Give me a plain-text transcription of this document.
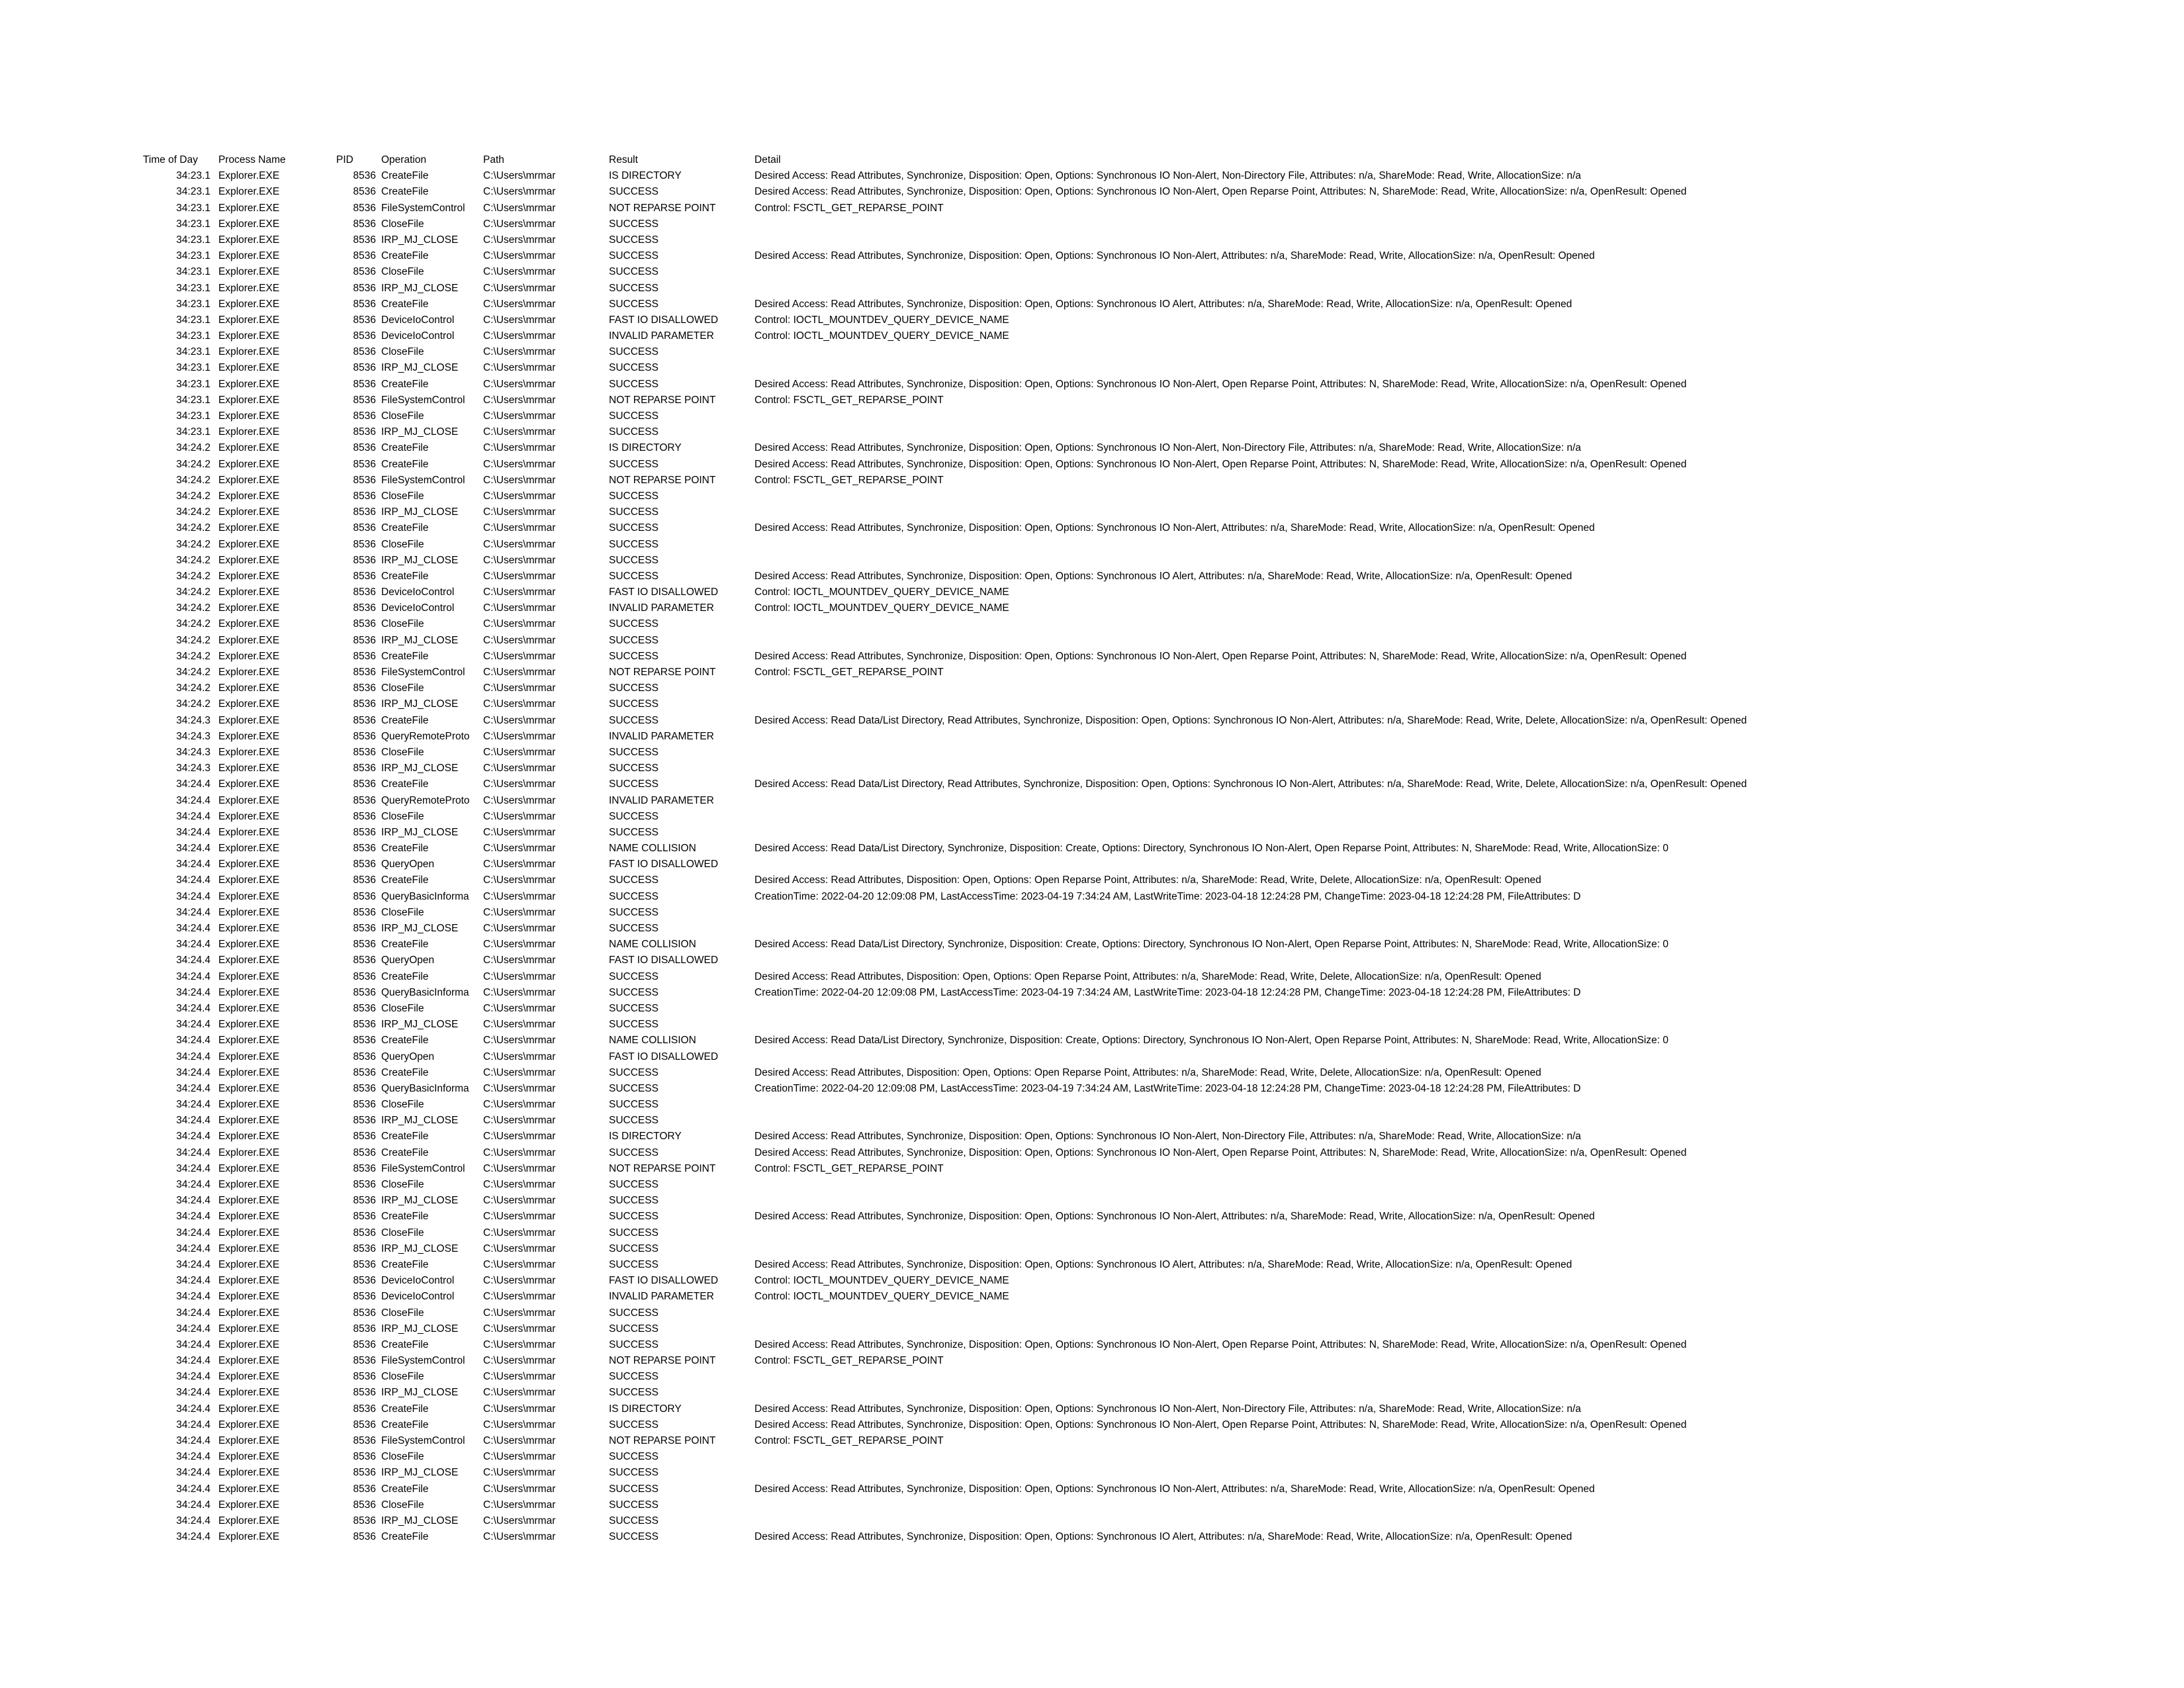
Time of Day	Process Name	PID	Operation	Path	Result	Detail
34:23.1 Explorer.EXE	8536 CreateFile	C:\Users\mrmar	IS DIRECTORY	Desired Access: Read Attributes, Synchronize, Disposition: Open, Options: Synchronous IO Non-Alert, Non-Directory File, Attributes: n/a, ShareMode: Read, Write, AllocationSize: n/a
34:23.1 Explorer.EXE	8536 CreateFile	C:\Users\mrmar	SUCCESS	Desired Access: Read Attributes, Synchronize, Disposition: Open, Options: Synchronous IO Non-Alert, Open Reparse Point, Attributes: N, ShareMode: Read, Write, AllocationSize: n/a, OpenResult: Opened
34:23.1 Explorer.EXE	8536 FileSystemControl	C:\Users\mrmar	NOT REPARSE POINT	Control: FSCTL_GET_REPARSE_POINT
34:23.1 Explorer.EXE	8536 CloseFile	C:\Users\mrmar	SUCCESS
34:23.1 Explorer.EXE	8536 IRP_MJ_CLOSE	C:\Users\mrmar	SUCCESS
34:23.1 Explorer.EXE	8536 CreateFile	C:\Users\mrmar	SUCCESS	Desired Access: Read Attributes, Synchronize, Disposition: Open, Options: Synchronous IO Non-Alert, Attributes: n/a, ShareMode: Read, Write, AllocationSize: n/a, OpenResult: Opened
34:23.1 Explorer.EXE	8536 CloseFile	C:\Users\mrmar	SUCCESS
34:23.1 Explorer.EXE	8536 IRP_MJ_CLOSE	C:\Users\mrmar	SUCCESS
34:23.1 Explorer.EXE	8536 CreateFile	C:\Users\mrmar	SUCCESS	Desired Access: Read Attributes, Synchronize, Disposition: Open, Options: Synchronous IO Alert, Attributes: n/a, ShareMode: Read, Write, AllocationSize: n/a, OpenResult: Opened
34:23.1 Explorer.EXE	8536 DeviceIoControl	C:\Users\mrmar	FAST IO DISALLOWED	Control: IOCTL_MOUNTDEV_QUERY_DEVICE_NAME
34:23.1 Explorer.EXE	8536 DeviceIoControl	C:\Users\mrmar	INVALID PARAMETER	Control: IOCTL_MOUNTDEV_QUERY_DEVICE_NAME
34:23.1 Explorer.EXE	8536 CloseFile	C:\Users\mrmar	SUCCESS
34:23.1 Explorer.EXE	8536 IRP_MJ_CLOSE	C:\Users\mrmar	SUCCESS
34:23.1 Explorer.EXE	8536 CreateFile	C:\Users\mrmar	SUCCESS	Desired Access: Read Attributes, Synchronize, Disposition: Open, Options: Synchronous IO Non-Alert, Open Reparse Point, Attributes: N, ShareMode: Read, Write, AllocationSize: n/a, OpenResult: Opened
34:23.1 Explorer.EXE	8536 FileSystemControl	C:\Users\mrmar	NOT REPARSE POINT	Control: FSCTL_GET_REPARSE_POINT
34:23.1 Explorer.EXE	8536 CloseFile	C:\Users\mrmar	SUCCESS
34:23.1 Explorer.EXE	8536 IRP_MJ_CLOSE	C:\Users\mrmar	SUCCESS
34:24.2 Explorer.EXE	8536 CreateFile	C:\Users\mrmar	IS DIRECTORY	Desired Access: Read Attributes, Synchronize, Disposition: Open, Options: Synchronous IO Non-Alert, Non-Directory File, Attributes: n/a, ShareMode: Read, Write, AllocationSize: n/a
34:24.2 Explorer.EXE	8536 CreateFile	C:\Users\mrmar	SUCCESS	Desired Access: Read Attributes, Synchronize, Disposition: Open, Options: Synchronous IO Non-Alert, Open Reparse Point, Attributes: N, ShareMode: Read, Write, AllocationSize: n/a, OpenResult: Opened
34:24.2 Explorer.EXE	8536 FileSystemControl	C:\Users\mrmar	NOT REPARSE POINT	Control: FSCTL_GET_REPARSE_POINT
34:24.2 Explorer.EXE	8536 CloseFile	C:\Users\mrmar	SUCCESS
34:24.2 Explorer.EXE	8536 IRP_MJ_CLOSE	C:\Users\mrmar	SUCCESS
34:24.2 Explorer.EXE	8536 CreateFile	C:\Users\mrmar	SUCCESS	Desired Access: Read Attributes, Synchronize, Disposition: Open, Options: Synchronous IO Non-Alert, Attributes: n/a, ShareMode: Read, Write, AllocationSize: n/a, OpenResult: Opened
34:24.2 Explorer.EXE	8536 CloseFile	C:\Users\mrmar	SUCCESS
34:24.2 Explorer.EXE	8536 IRP_MJ_CLOSE	C:\Users\mrmar	SUCCESS
34:24.2 Explorer.EXE	8536 CreateFile	C:\Users\mrmar	SUCCESS	Desired Access: Read Attributes, Synchronize, Disposition: Open, Options: Synchronous IO Alert, Attributes: n/a, ShareMode: Read, Write, AllocationSize: n/a, OpenResult: Opened
34:24.2 Explorer.EXE	8536 DeviceIoControl	C:\Users\mrmar	FAST IO DISALLOWED	Control: IOCTL_MOUNTDEV_QUERY_DEVICE_NAME
34:24.2 Explorer.EXE	8536 DeviceIoControl	C:\Users\mrmar	INVALID PARAMETER	Control: IOCTL_MOUNTDEV_QUERY_DEVICE_NAME
34:24.2 Explorer.EXE	8536 CloseFile	C:\Users\mrmar	SUCCESS
34:24.2 Explorer.EXE	8536 IRP_MJ_CLOSE	C:\Users\mrmar	SUCCESS
34:24.2 Explorer.EXE	8536 CreateFile	C:\Users\mrmar	SUCCESS	Desired Access: Read Attributes, Synchronize, Disposition: Open, Options: Synchronous IO Non-Alert, Open Reparse Point, Attributes: N, ShareMode: Read, Write, AllocationSize: n/a, OpenResult: Opened
34:24.2 Explorer.EXE	8536 FileSystemControl	C:\Users\mrmar	NOT REPARSE POINT	Control: FSCTL_GET_REPARSE_POINT
34:24.2 Explorer.EXE	8536 CloseFile	C:\Users\mrmar	SUCCESS
34:24.2 Explorer.EXE	8536 IRP_MJ_CLOSE	C:\Users\mrmar	SUCCESS
34:24.3 Explorer.EXE	8536 CreateFile	C:\Users\mrmar	SUCCESS	Desired Access: Read Data/List Directory, Read Attributes, Synchronize, Disposition: Open, Options: Synchronous IO Non-Alert, Attributes: n/a, ShareMode: Read, Write, Delete, AllocationSize: n/a, OpenResult: Opened
34:24.3 Explorer.EXE	8536 QueryRemoteProto	C:\Users\mrmar	INVALID PARAMETER
34:24.3 Explorer.EXE	8536 CloseFile	C:\Users\mrmar	SUCCESS
34:24.3 Explorer.EXE	8536 IRP_MJ_CLOSE	C:\Users\mrmar	SUCCESS
34:24.4 Explorer.EXE	8536 CreateFile	C:\Users\mrmar	SUCCESS	Desired Access: Read Data/List Directory, Read Attributes, Synchronize, Disposition: Open, Options: Synchronous IO Non-Alert, Attributes: n/a, ShareMode: Read, Write, Delete, AllocationSize: n/a, OpenResult: Opened
34:24.4 Explorer.EXE	8536 QueryRemoteProto	C:\Users\mrmar	INVALID PARAMETER
34:24.4 Explorer.EXE	8536 CloseFile	C:\Users\mrmar	SUCCESS
34:24.4 Explorer.EXE	8536 IRP_MJ_CLOSE	C:\Users\mrmar	SUCCESS
34:24.4 Explorer.EXE	8536 CreateFile	C:\Users\mrmar	NAME COLLISION	Desired Access: Read Data/List Directory, Synchronize, Disposition: Create, Options: Directory, Synchronous IO Non-Alert, Open Reparse Point, Attributes: N, ShareMode: Read, Write, AllocationSize: 0
34:24.4 Explorer.EXE	8536 QueryOpen	C:\Users\mrmar	FAST IO DISALLOWED
34:24.4 Explorer.EXE	8536 CreateFile	C:\Users\mrmar	SUCCESS	Desired Access: Read Attributes, Disposition: Open, Options: Open Reparse Point, Attributes: n/a, ShareMode: Read, Write, Delete, AllocationSize: n/a, OpenResult: Opened
34:24.4 Explorer.EXE	8536 QueryBasicInforma	C:\Users\mrmar	SUCCESS	CreationTime: 2022-04-20 12:09:08 PM, LastAccessTime: 2023-04-19 7:34:24 AM, LastWriteTime: 2023-04-18 12:24:28 PM, ChangeTime: 2023-04-18 12:24:28 PM, FileAttributes: D
34:24.4 Explorer.EXE	8536 CloseFile	C:\Users\mrmar	SUCCESS
34:24.4 Explorer.EXE	8536 IRP_MJ_CLOSE	C:\Users\mrmar	SUCCESS
34:24.4 Explorer.EXE	8536 CreateFile	C:\Users\mrmar	NAME COLLISION	Desired Access: Read Data/List Directory, Synchronize, Disposition: Create, Options: Directory, Synchronous IO Non-Alert, Open Reparse Point, Attributes: N, ShareMode: Read, Write, AllocationSize: 0
34:24.4 Explorer.EXE	8536 QueryOpen	C:\Users\mrmar	FAST IO DISALLOWED
34:24.4 Explorer.EXE	8536 CreateFile	C:\Users\mrmar	SUCCESS	Desired Access: Read Attributes, Disposition: Open, Options: Open Reparse Point, Attributes: n/a, ShareMode: Read, Write, Delete, AllocationSize: n/a, OpenResult: Opened
34:24.4 Explorer.EXE	8536 QueryBasicInforma	C:\Users\mrmar	SUCCESS	CreationTime: 2022-04-20 12:09:08 PM, LastAccessTime: 2023-04-19 7:34:24 AM, LastWriteTime: 2023-04-18 12:24:28 PM, ChangeTime: 2023-04-18 12:24:28 PM, FileAttributes: D
34:24.4 Explorer.EXE	8536 CloseFile	C:\Users\mrmar	SUCCESS
34:24.4 Explorer.EXE	8536 IRP_MJ_CLOSE	C:\Users\mrmar	SUCCESS
34:24.4 Explorer.EXE	8536 CreateFile	C:\Users\mrmar	NAME COLLISION	Desired Access: Read Data/List Directory, Synchronize, Disposition: Create, Options: Directory, Synchronous IO Non-Alert, Open Reparse Point, Attributes: N, ShareMode: Read, Write, AllocationSize: 0
34:24.4 Explorer.EXE	8536 QueryOpen	C:\Users\mrmar	FAST IO DISALLOWED
34:24.4 Explorer.EXE	8536 CreateFile	C:\Users\mrmar	SUCCESS	Desired Access: Read Attributes, Disposition: Open, Options: Open Reparse Point, Attributes: n/a, ShareMode: Read, Write, Delete, AllocationSize: n/a, OpenResult: Opened
34:24.4 Explorer.EXE	8536 QueryBasicInforma	C:\Users\mrmar	SUCCESS	CreationTime: 2022-04-20 12:09:08 PM, LastAccessTime: 2023-04-19 7:34:24 AM, LastWriteTime: 2023-04-18 12:24:28 PM, ChangeTime: 2023-04-18 12:24:28 PM, FileAttributes: D
34:24.4 Explorer.EXE	8536 CloseFile	C:\Users\mrmar	SUCCESS
34:24.4 Explorer.EXE	8536 IRP_MJ_CLOSE	C:\Users\mrmar	SUCCESS
34:24.4 Explorer.EXE	8536 CreateFile	C:\Users\mrmar	IS DIRECTORY	Desired Access: Read Attributes, Synchronize, Disposition: Open, Options: Synchronous IO Non-Alert, Non-Directory File, Attributes: n/a, ShareMode: Read, Write, AllocationSize: n/a
34:24.4 Explorer.EXE	8536 CreateFile	C:\Users\mrmar	SUCCESS	Desired Access: Read Attributes, Synchronize, Disposition: Open, Options: Synchronous IO Non-Alert, Open Reparse Point, Attributes: N, ShareMode: Read, Write, AllocationSize: n/a, OpenResult: Opened
34:24.4 Explorer.EXE	8536 FileSystemControl	C:\Users\mrmar	NOT REPARSE POINT	Control: FSCTL_GET_REPARSE_POINT
34:24.4 Explorer.EXE	8536 CloseFile	C:\Users\mrmar	SUCCESS
34:24.4 Explorer.EXE	8536 IRP_MJ_CLOSE	C:\Users\mrmar	SUCCESS
34:24.4 Explorer.EXE	8536 CreateFile	C:\Users\mrmar	SUCCESS	Desired Access: Read Attributes, Synchronize, Disposition: Open, Options: Synchronous IO Non-Alert, Attributes: n/a, ShareMode: Read, Write, AllocationSize: n/a, OpenResult: Opened
34:24.4 Explorer.EXE	8536 CloseFile	C:\Users\mrmar	SUCCESS
34:24.4 Explorer.EXE	8536 IRP_MJ_CLOSE	C:\Users\mrmar	SUCCESS
34:24.4 Explorer.EXE	8536 CreateFile	C:\Users\mrmar	SUCCESS	Desired Access: Read Attributes, Synchronize, Disposition: Open, Options: Synchronous IO Alert, Attributes: n/a, ShareMode: Read, Write, AllocationSize: n/a, OpenResult: Opened
34:24.4 Explorer.EXE	8536 DeviceIoControl	C:\Users\mrmar	FAST IO DISALLOWED	Control: IOCTL_MOUNTDEV_QUERY_DEVICE_NAME
34:24.4 Explorer.EXE	8536 DeviceIoControl	C:\Users\mrmar	INVALID PARAMETER	Control: IOCTL_MOUNTDEV_QUERY_DEVICE_NAME
34:24.4 Explorer.EXE	8536 CloseFile	C:\Users\mrmar	SUCCESS
34:24.4 Explorer.EXE	8536 IRP_MJ_CLOSE	C:\Users\mrmar	SUCCESS
34:24.4 Explorer.EXE	8536 CreateFile	C:\Users\mrmar	SUCCESS	Desired Access: Read Attributes, Synchronize, Disposition: Open, Options: Synchronous IO Non-Alert, Open Reparse Point, Attributes: N, ShareMode: Read, Write, AllocationSize: n/a, OpenResult: Opened
34:24.4 Explorer.EXE	8536 FileSystemControl	C:\Users\mrmar	NOT REPARSE POINT	Control: FSCTL_GET_REPARSE_POINT
34:24.4 Explorer.EXE	8536 CloseFile	C:\Users\mrmar	SUCCESS
34:24.4 Explorer.EXE	8536 IRP_MJ_CLOSE	C:\Users\mrmar	SUCCESS
34:24.4 Explorer.EXE	8536 CreateFile	C:\Users\mrmar	IS DIRECTORY	Desired Access: Read Attributes, Synchronize, Disposition: Open, Options: Synchronous IO Non-Alert, Non-Directory File, Attributes: n/a, ShareMode: Read, Write, AllocationSize: n/a
34:24.4 Explorer.EXE	8536 CreateFile	C:\Users\mrmar	SUCCESS	Desired Access: Read Attributes, Synchronize, Disposition: Open, Options: Synchronous IO Non-Alert, Open Reparse Point, Attributes: N, ShareMode: Read, Write, AllocationSize: n/a, OpenResult: Opened
34:24.4 Explorer.EXE	8536 FileSystemControl	C:\Users\mrmar	NOT REPARSE POINT	Control: FSCTL_GET_REPARSE_POINT
34:24.4 Explorer.EXE	8536 CloseFile	C:\Users\mrmar	SUCCESS
34:24.4 Explorer.EXE	8536 IRP_MJ_CLOSE	C:\Users\mrmar	SUCCESS
34:24.4 Explorer.EXE	8536 CreateFile	C:\Users\mrmar	SUCCESS	Desired Access: Read Attributes, Synchronize, Disposition: Open, Options: Synchronous IO Non-Alert, Attributes: n/a, ShareMode: Read, Write, AllocationSize: n/a, OpenResult: Opened
34:24.4 Explorer.EXE	8536 CloseFile	C:\Users\mrmar	SUCCESS
34:24.4 Explorer.EXE	8536 IRP_MJ_CLOSE	C:\Users\mrmar	SUCCESS
34:24.4 Explorer.EXE	8536 CreateFile	C:\Users\mrmar	SUCCESS	Desired Access: Read Attributes, Synchronize, Disposition: Open, Options: Synchronous IO Alert, Attributes: n/a, ShareMode: Read, Write, AllocationSize: n/a, OpenResult: Opened
